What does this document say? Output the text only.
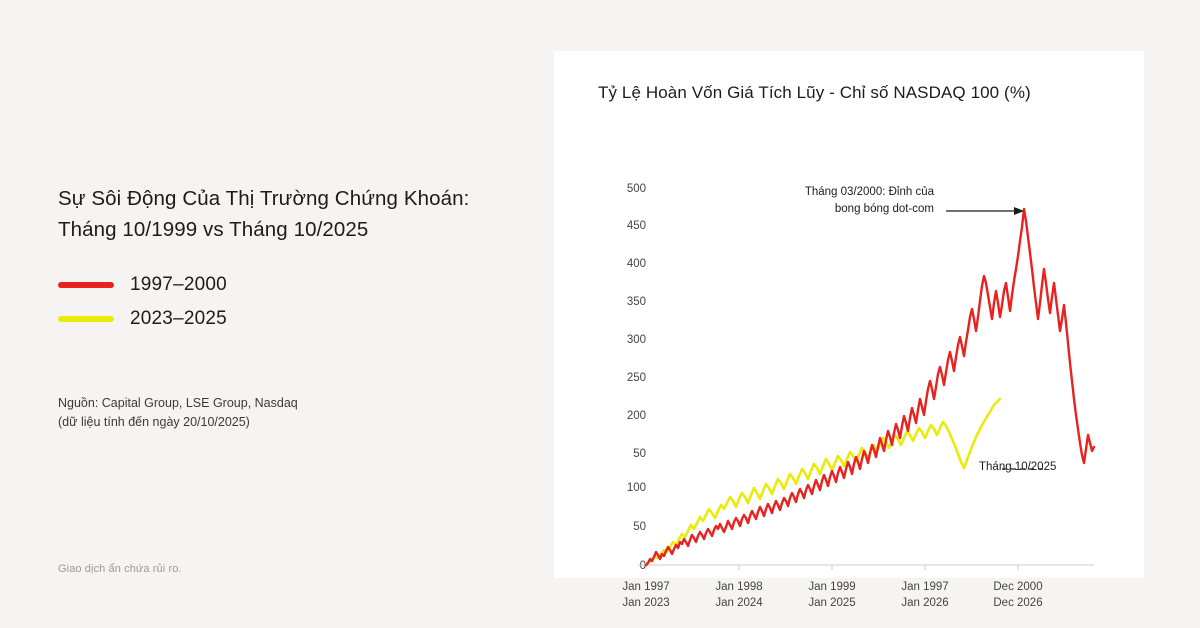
Sự Sôi Động Của Thị Trường Chứng Khoán: Tháng 10/1999 vs Tháng 10/2025
1997–2000
2023–2025
Nguồn: Capital Group, LSE Group, Nasdaq
(dữ liệu tính đến ngày 20/10/2025)
Giao dịch ẩn chứa rủi ro.
Tỷ Lệ Hoàn Vốn Giá Tích Lũy - Chỉ số NASDAQ 100 (%)
500
450
400
350
300
250
200
50
100
50
0
Jan 1997
Jan 2023
Jan 1998
Jan 2024
Jan 1999
Jan 2025
Jan 1997
Jan 2026
Dec 2000
Dec 2026
Tháng 03/2000: Đỉnh của
bong bóng dot-com
Tháng 10/2025
